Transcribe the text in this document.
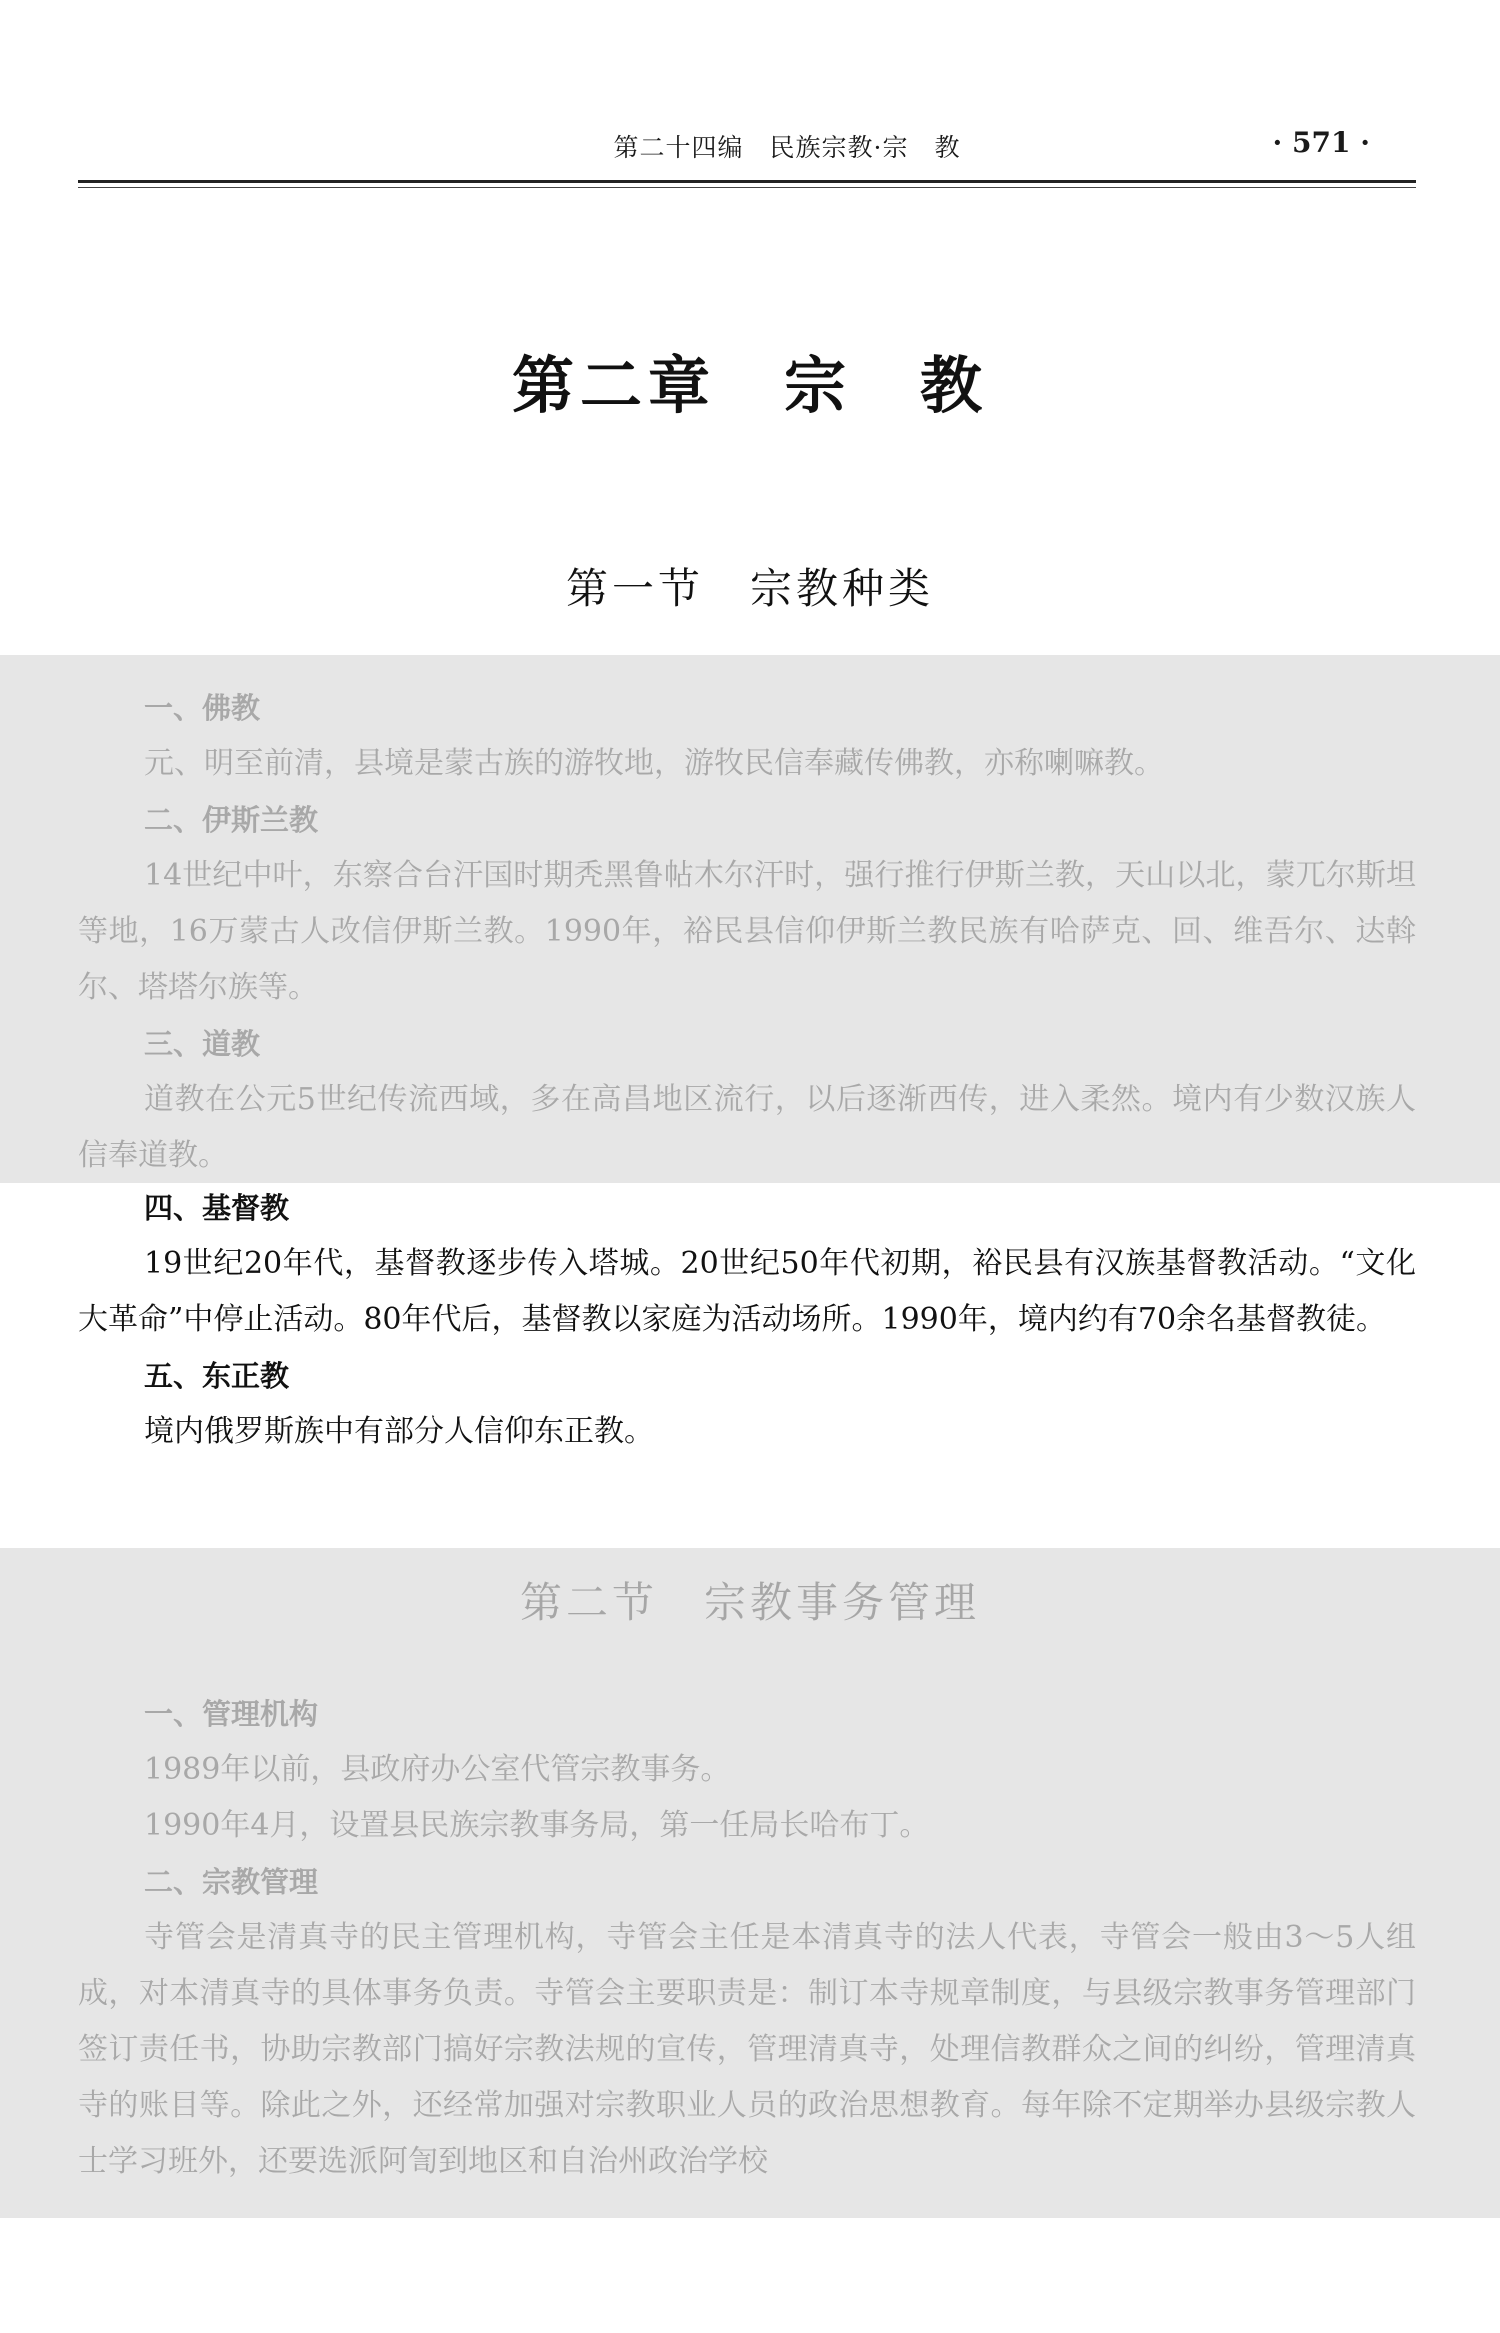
第二十四编　民族宗教·宗　教	· 571 ·
第二章　宗　教
第一节　宗教种类
一、佛教
元、明至前清，县境是蒙古族的游牧地，游牧民信奉藏传佛教，亦称喇嘛教。
二、伊斯兰教
14世纪中叶，东察合台汗国时期秃黑鲁帖木尔汗时，强行推行伊斯兰教，天山以北，蒙兀尔斯坦等地，16万蒙古人改信伊斯兰教。1990年，裕民县信仰伊斯兰教民族有哈萨克、回、维吾尔、达斡尔、塔塔尔族等。
三、道教
道教在公元5世纪传流西域，多在高昌地区流行，以后逐渐西传，进入柔然。境内有少数汉族人信奉道教。
四、基督教
19世纪20年代，基督教逐步传入塔城。20世纪50年代初期，裕民县有汉族基督教活动。“文化大革命”中停止活动。80年代后，基督教以家庭为活动场所。1990年，境内约有70余名基督教徒。
五、东正教
境内俄罗斯族中有部分人信仰东正教。
第二节　宗教事务管理
一、管理机构
1989年以前，县政府办公室代管宗教事务。
1990年4月，设置县民族宗教事务局，第一任局长哈布丁。
二、宗教管理
寺管会是清真寺的民主管理机构，寺管会主任是本清真寺的法人代表，寺管会一般由3～5人组成，对本清真寺的具体事务负责。寺管会主要职责是：制订本寺规章制度，与县级宗教事务管理部门签订责任书，协助宗教部门搞好宗教法规的宣传，管理清真寺，处理信教群众之间的纠纷，管理清真寺的账目等。除此之外，还经常加强对宗教职业人员的政治思想教育。每年除不定期举办县级宗教人士学习班外，还要选派阿訇到地区和自治州政治学校
